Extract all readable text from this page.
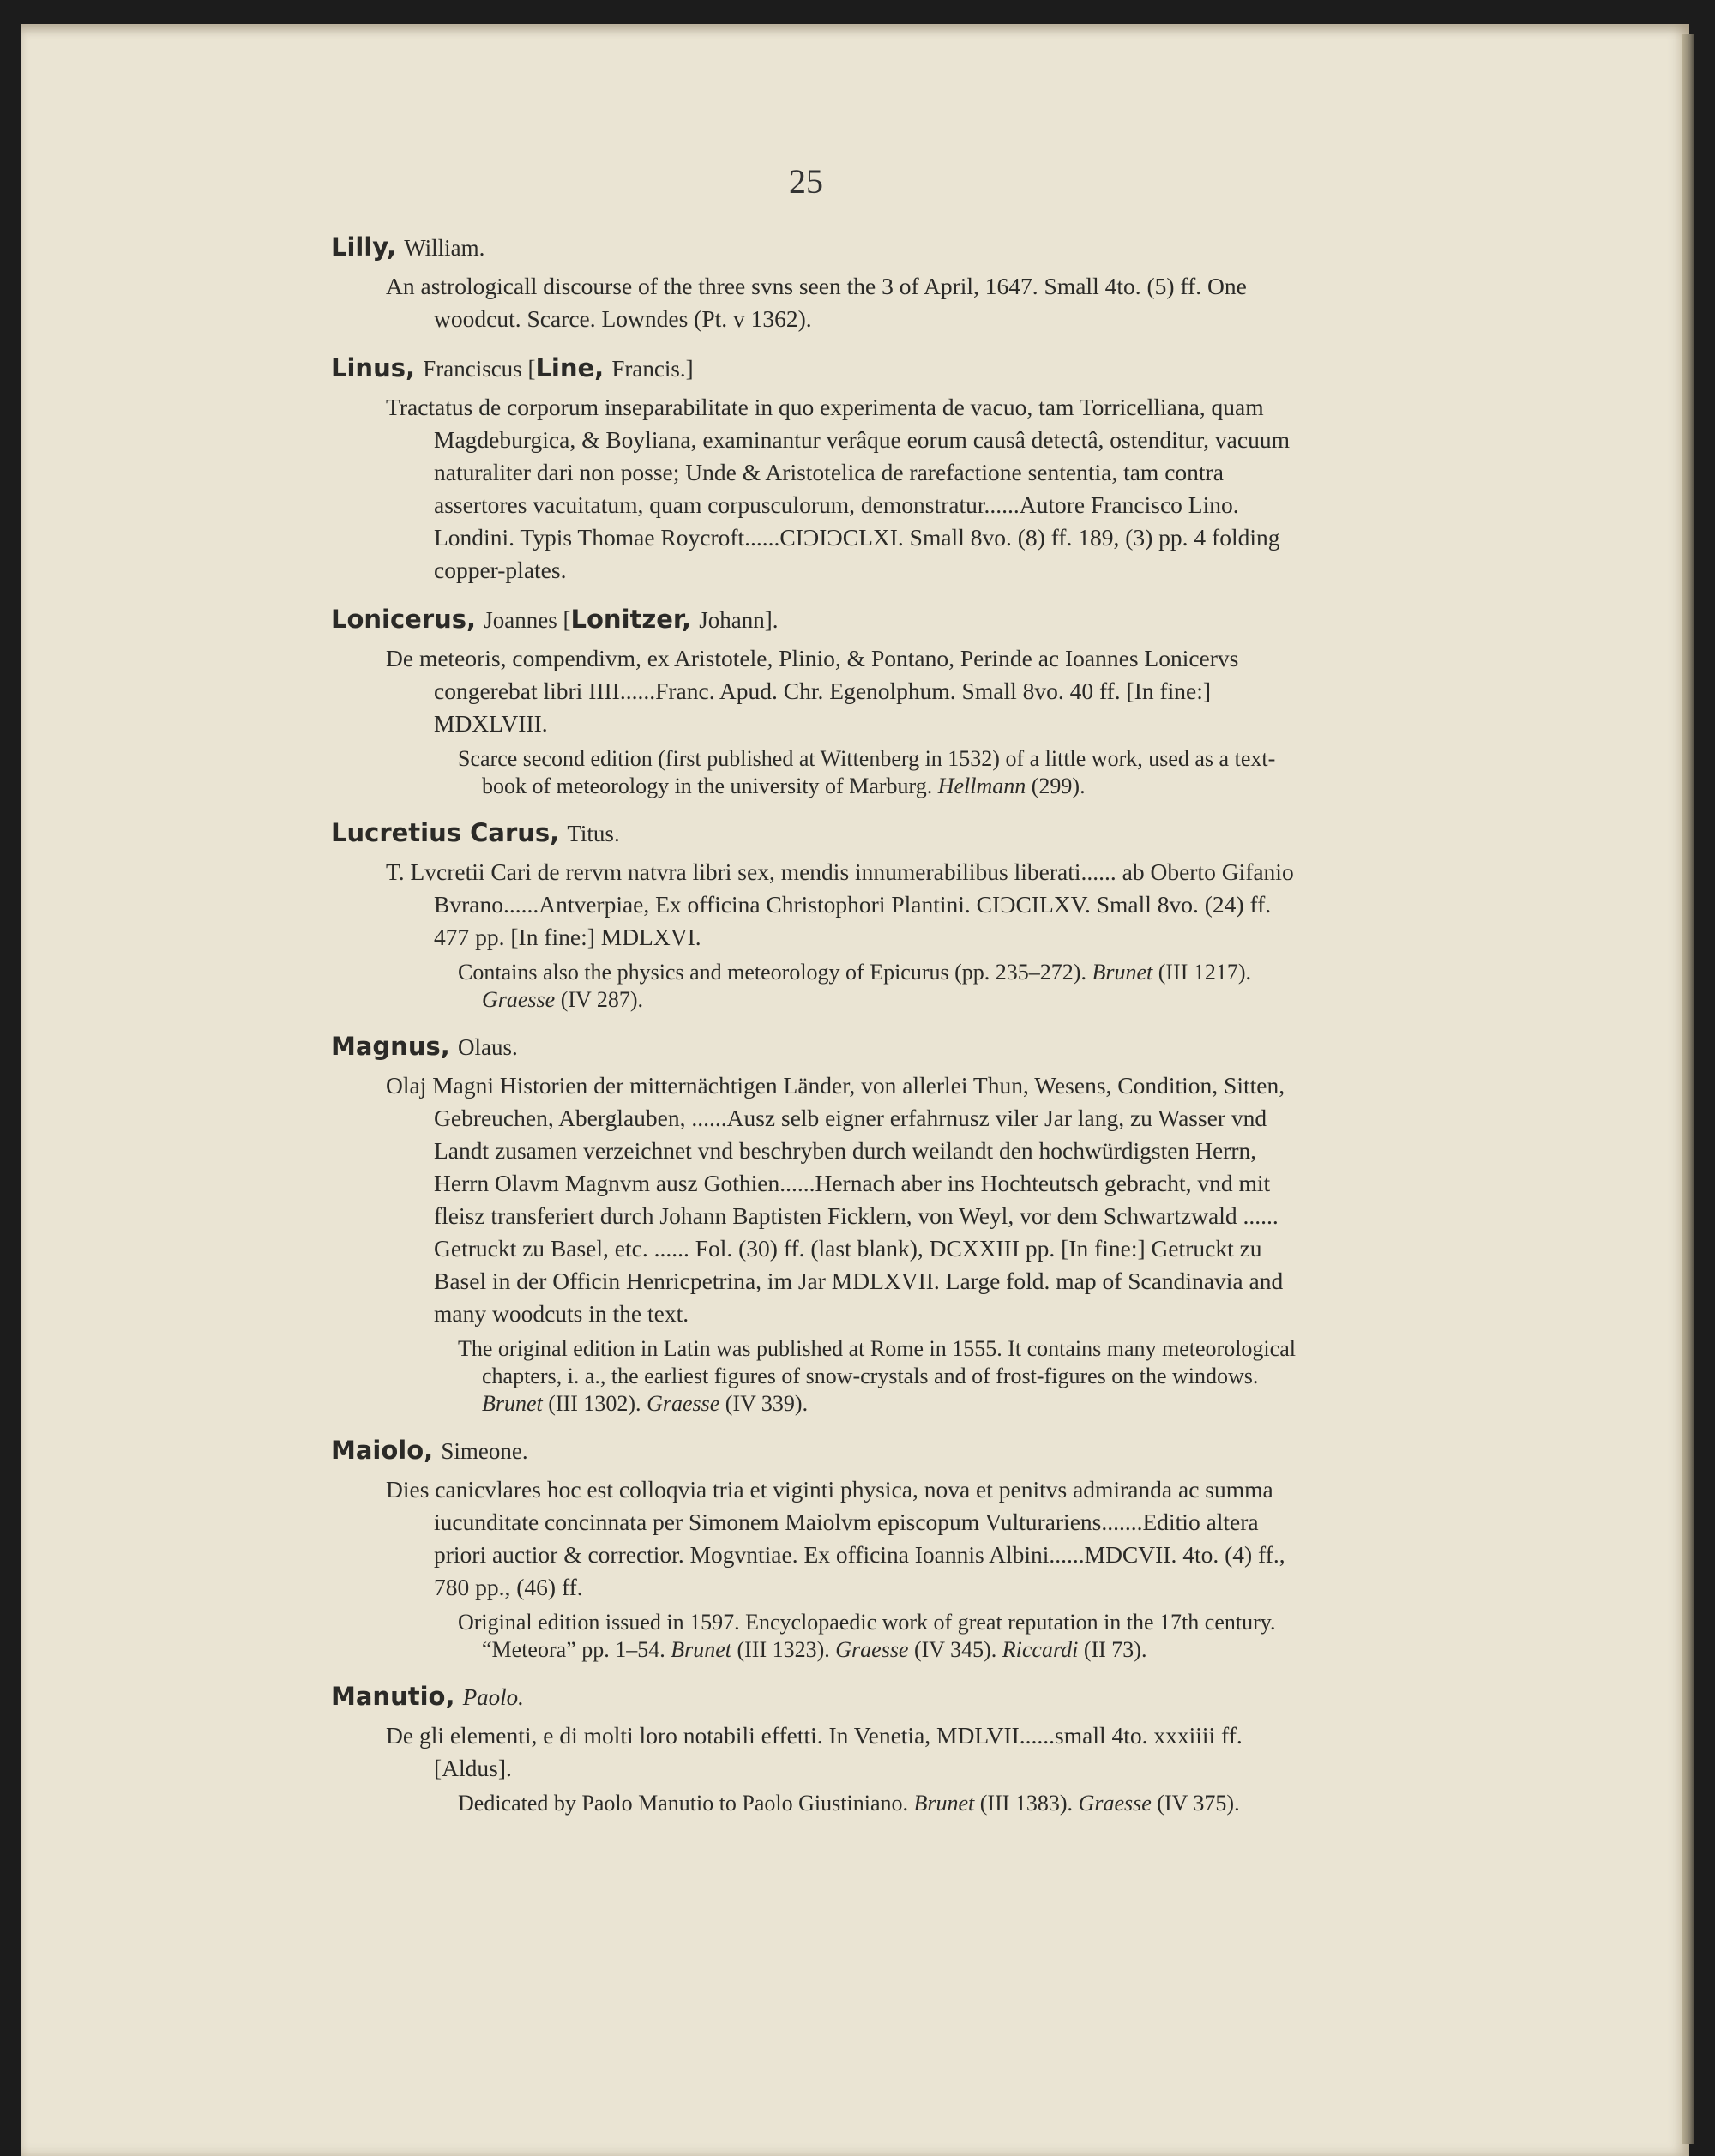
25
Lilly, William.
An astrologicall discourse of the three svns seen the 3 of April, 1647. Small 4to. (5) ff. One woodcut. Scarce. Lowndes (Pt. v 1362).
Linus, Franciscus [Line, Francis.]
Tractatus de corporum inseparabilitate in quo experimenta de vacuo, tam Torricelliana, quam Magdeburgica, & Boyliana, examinantur verâque eorum causâ detectâ, ostenditur, vacuum naturaliter dari non posse; Unde & Aristotelica de rarefactione sententia, tam contra assertores vacuitatum, quam corpusculorum, demonstratur......Autore Francisco Lino. Londini. Typis Thomae Roycroft......CIƆIƆCLXI. Small 8vo. (8) ff. 189, (3) pp. 4 folding copper-plates.
Lonicerus, Joannes [Lonitzer, Johann].
De meteoris, compendivm, ex Aristotele, Plinio, & Pontano, Perinde ac Ioannes Lonicervs congerebat libri IIII......Franc. Apud. Chr. Egenolphum. Small 8vo. 40 ff. [In fine:] MDXLVIII.
Scarce second edition (first published at Wittenberg in 1532) of a little work, used as a text-book of meteorology in the university of Marburg. Hellmann (299).
Lucretius Carus, Titus.
T. Lvcretii Cari de rervm natvra libri sex, mendis innumerabilibus liberati...... ab Oberto Gifanio Bvrano......Antverpiae, Ex officina Christophori Plantini. CIƆCILXV. Small 8vo. (24) ff. 477 pp. [In fine:] MDLXVI.
Contains also the physics and meteorology of Epicurus (pp. 235–272). Brunet (III 1217). Graesse (IV 287).
Magnus, Olaus.
Olaj Magni Historien der mitternächtigen Länder, von allerlei Thun, Wesens, Condition, Sitten, Gebreuchen, Aberglauben, ......Ausz selb eigner erfahrnusz viler Jar lang, zu Wasser vnd Landt zusamen verzeichnet vnd beschryben durch weilandt den hochwürdigsten Herrn, Herrn Olavm Magnvm ausz Gothien......Hernach aber ins Hochteutsch gebracht, vnd mit fleisz transferiert durch Johann Baptisten Ficklern, von Weyl, vor dem Schwartzwald ...... Getruckt zu Basel, etc. ...... Fol. (30) ff. (last blank), DCXXIII pp. [In fine:] Getruckt zu Basel in der Officin Henricpetrina, im Jar MDLXVII. Large fold. map of Scandinavia and many woodcuts in the text.
The original edition in Latin was published at Rome in 1555. It contains many meteorological chapters, i. a., the earliest figures of snow-crystals and of frost-figures on the windows. Brunet (III 1302). Graesse (IV 339).
Maiolo, Simeone.
Dies canicvlares hoc est colloqvia tria et viginti physica, nova et penitvs admiranda ac summa iucunditate concinnata per Simonem Maiolvm episcopum Vulturariens.......Editio altera priori auctior & correctior. Mogvntiae. Ex officina Ioannis Albini......MDCVII. 4to. (4) ff., 780 pp., (46) ff.
Original edition issued in 1597. Encyclopaedic work of great reputation in the 17th century. “Meteora” pp. 1–54. Brunet (III 1323). Graesse (IV 345). Riccardi (II 73).
Manutio, Paolo.
De gli elementi, e di molti loro notabili effetti. In Venetia, MDLVII......small 4to. xxxiiii ff. [Aldus].
Dedicated by Paolo Manutio to Paolo Giustiniano. Brunet (III 1383). Graesse (IV 375).
